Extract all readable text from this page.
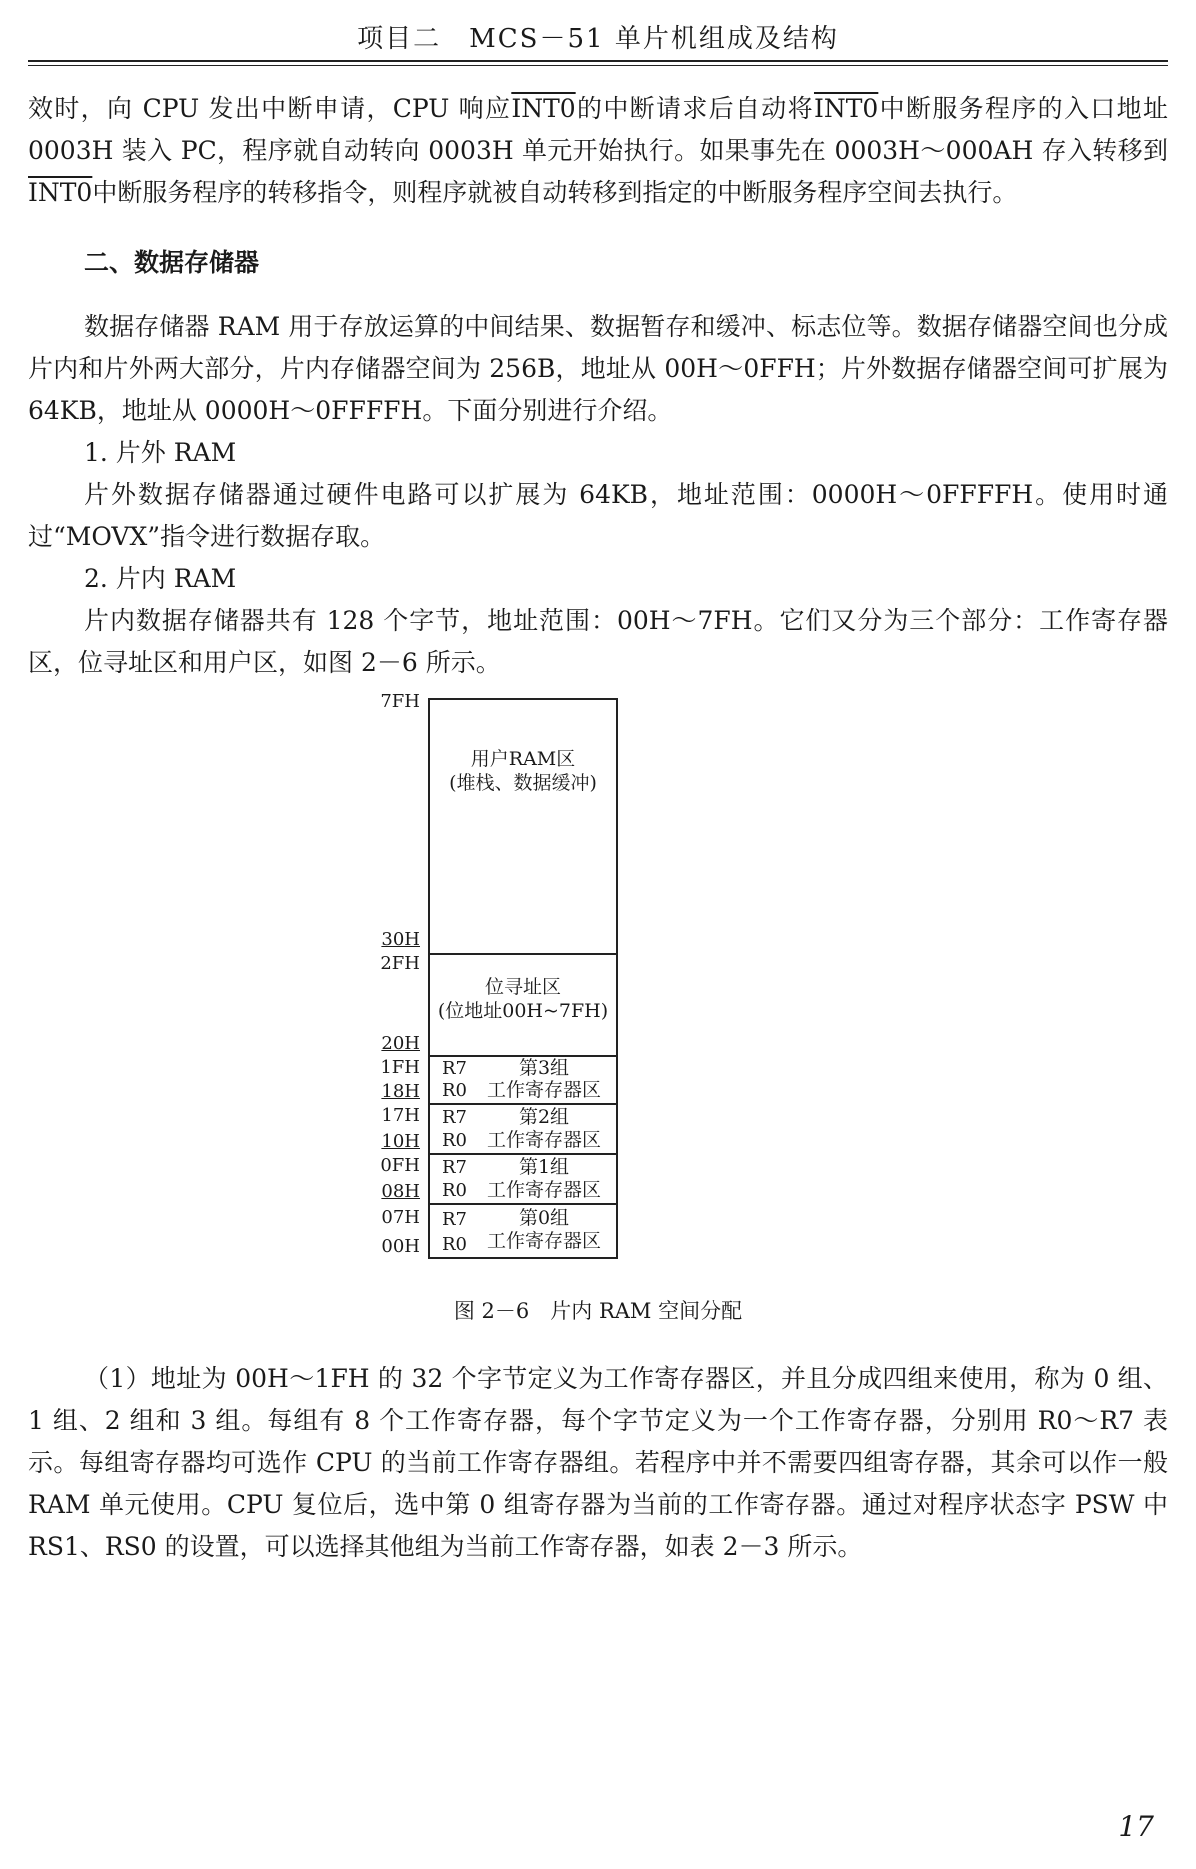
项目二　MCS－51 单片机组成及结构

效时，向 CPU 发出中断申请，CPU 响应INT0的中断请求后自动将INT0中断服务程序的入口地址 0003H 装入 PC，程序就自动转向 0003H 单元开始执行。如果事先在 0003H～000AH 存入转移到INT0中断服务程序的转移指令，则程序就被自动转移到指定的中断服务程序空间去执行。

二、数据存储器

数据存储器 RAM 用于存放运算的中间结果、数据暂存和缓冲、标志位等。数据存储器空间也分成片内和片外两大部分，片内存储器空间为 256B，地址从 00H～0FFH；片外数据存储器空间可扩展为 64KB，地址从 0000H～0FFFFH。下面分别进行介绍。

1. 片外 RAM

片外数据存储器通过硬件电路可以扩展为 64KB，地址范围：0000H～0FFFFH。使用时通过“MOVX”指令进行数据存取。

2. 片内 RAM

片内数据存储器共有 128 个字节，地址范围：00H～7FH。它们又分为三个部分：工作寄存器区，位寻址区和用户区，如图 2－6 所示。

用户RAM区
(堆栈、数据缓冲)
7FH
30H
位寻址区
(位地址00H~7FH)
2FH
20H
R7
R0
第3组
工作寄存器区
1FH
18H
R7
R0
第2组
工作寄存器区
17H
10H
R7
R0
第1组
工作寄存器区
0FH
08H
R7
R0
第0组
工作寄存器区
07H
00H
图 2－6　片内 RAM 空间分配

（1）地址为 00H～1FH 的 32 个字节定义为工作寄存器区，并且分成四组来使用，称为 0 组、1 组、2 组和 3 组。每组有 8 个工作寄存器，每个字节定义为一个工作寄存器，分别用 R0～R7 表示。每组寄存器均可选作 CPU 的当前工作寄存器组。若程序中并不需要四组寄存器，其余可以作一般 RAM 单元使用。CPU 复位后，选中第 0 组寄存器为当前的工作寄存器。通过对程序状态字 PSW 中 RS1、RS0 的设置，可以选择其他组为当前工作寄存器，如表 2－3 所示。

17
